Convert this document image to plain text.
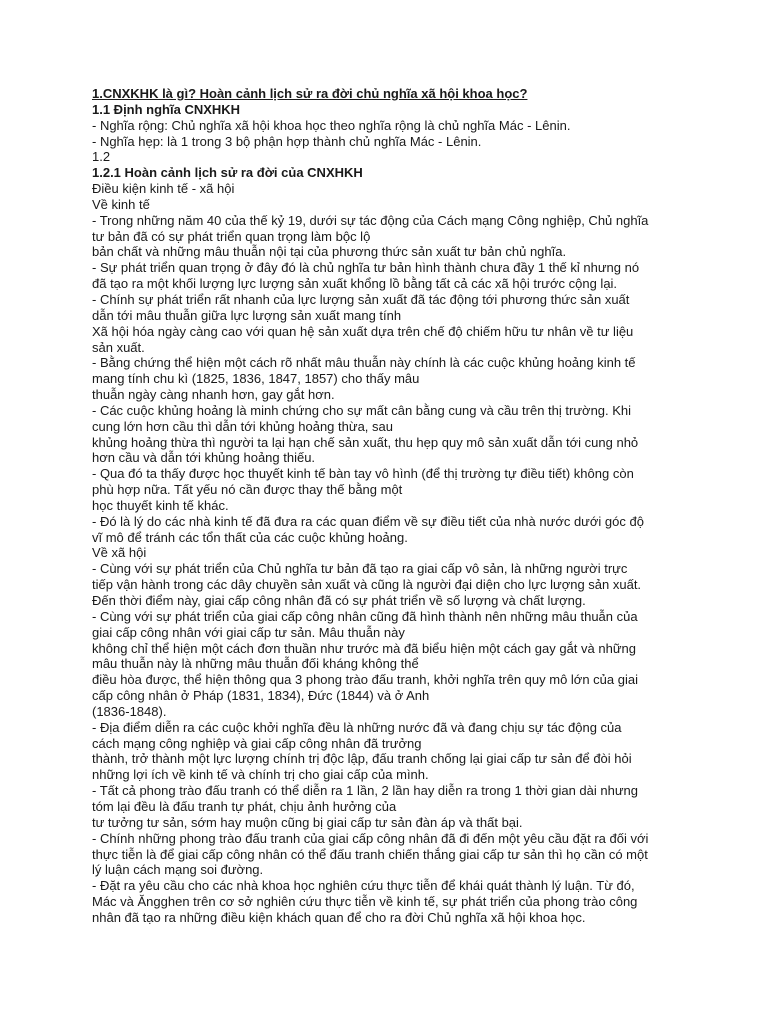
1.CNXKHK là gì? Hoàn cảnh lịch sử ra đời chủ nghĩa xã hội khoa học?
1.1 Định nghĩa CNXHKH
- Nghĩa rộng: Chủ nghĩa xã hội khoa học theo nghĩa rộng là chủ nghĩa Mác - Lênin.
- Nghĩa hẹp: là 1 trong 3 bộ phận hợp thành chủ nghĩa Mác - Lênin.
1.2
1.2.1 Hoàn cảnh lịch sử ra đời của CNXHKH
Điều kiện kinh tế - xã hội
Về kinh tế
- Trong những năm 40 của thế kỷ 19, dưới sự tác động của Cách mạng Công nghiệp, Chủ nghĩa
tư bản đã có sự phát triển quan trọng làm bộc lộ
bản chất và những mâu thuẫn nội tại của phương thức sản xuất tư bản chủ nghĩa.
- Sự phát triển quan trọng ở đây đó là chủ nghĩa tư bản hình thành chưa đầy 1 thế kỉ nhưng nó
đã tạo ra một khối lượng lực lượng sản xuất khổng lồ bằng tất cả các xã hội trước cộng lại.
- Chính sự phát triển rất nhanh của lực lượng sản xuất đã tác động tới phương thức sản xuất
dẫn tới mâu thuẫn giữa lực lượng sản xuất mang tính
Xã hội hóa ngày càng cao với quan hệ sản xuất dựa trên chế độ chiếm hữu tư nhân về tư liệu
sản xuất.
- Bằng chứng thể hiện một cách rõ nhất mâu thuẫn này chính là các cuộc khủng hoảng kinh tế
mang tính chu kì (1825, 1836, 1847, 1857) cho thấy mâu
thuẫn ngày càng nhanh hơn, gay gắt hơn.
- Các cuộc khủng hoảng là minh chứng cho sự mất cân bằng cung và cầu trên thị trường. Khi
cung lớn hơn cầu thì dẫn tới khủng hoảng thừa, sau
khủng hoảng thừa thì người ta lại hạn chế sản xuất, thu hẹp quy mô sản xuất dẫn tới cung nhỏ
hơn cầu và dẫn tới khủng hoảng thiếu.
- Qua đó ta thấy được học thuyết kinh tế bàn tay vô hình (để thị trường tự điều tiết) không còn
phù hợp nữa. Tất yếu nó cần được thay thế bằng một
học thuyết kinh tế khác.
- Đó là lý do các nhà kinh tế đã đưa ra các quan điểm về sự điều tiết của nhà nước dưới góc độ
vĩ mô để tránh các tổn thất của các cuộc khủng hoảng.
Về xã hội
- Cùng với sự phát triển của Chủ nghĩa tư bản đã tạo ra giai cấp vô sản, là những người trực
tiếp vận hành trong các dây chuyền sản xuất và cũng là người đại diện cho lực lượng sản xuất.
Đến thời điểm này, giai cấp công nhân đã có sự phát triển về số lượng và chất lượng.
- Cùng với sự phát triển của giai cấp công nhân cũng đã hình thành nên những mâu thuẫn của
giai cấp công nhân với giai cấp tư sản. Mâu thuẫn này
không chỉ thể hiện một cách đơn thuần như trước mà đã biểu hiện một cách gay gắt và những
mâu thuẫn này là những mâu thuẫn đối kháng không thể
điều hòa được, thể hiện thông qua 3 phong trào đấu tranh, khởi nghĩa trên quy mô lớn của giai
cấp công nhân ở Pháp (1831, 1834), Đức (1844) và ở Anh
(1836-1848).
- Địa điểm diễn ra các cuộc khởi nghĩa đều là những nước đã và đang chịu sự tác động của
cách mạng công nghiệp và giai cấp công nhân đã trưởng
thành, trở thành một lực lượng chính trị độc lập, đấu tranh chống lại giai cấp tư sản để đòi hỏi
những lợi ích về kinh tế và chính trị cho giai cấp của mình.
- Tất cả phong trào đấu tranh có thể diễn ra 1 lần, 2 lần hay diễn ra trong 1 thời gian dài nhưng
tóm lại đều là đấu tranh tự phát, chịu ảnh hưởng của
tư tưởng tư sản, sớm hay muộn cũng bị giai cấp tư sản đàn áp và thất bại.
- Chính những phong trào đấu tranh của giai cấp công nhân đã đi đến một yêu cầu đặt ra đối với
thực tiễn là để giai cấp công nhân có thể đấu tranh chiến thắng giai cấp tư sản thì họ cần có một
lý luận cách mạng soi đường.
- Đặt ra yêu cầu cho các nhà khoa học nghiên cứu thực tiễn để khái quát thành lý luận. Từ đó,
Mác và Ăngghen trên cơ sở nghiên cứu thực tiễn về kinh tế, sự phát triển của phong trào công
nhân đã tạo ra những điều kiện khách quan để cho ra đời Chủ nghĩa xã hội khoa học.
